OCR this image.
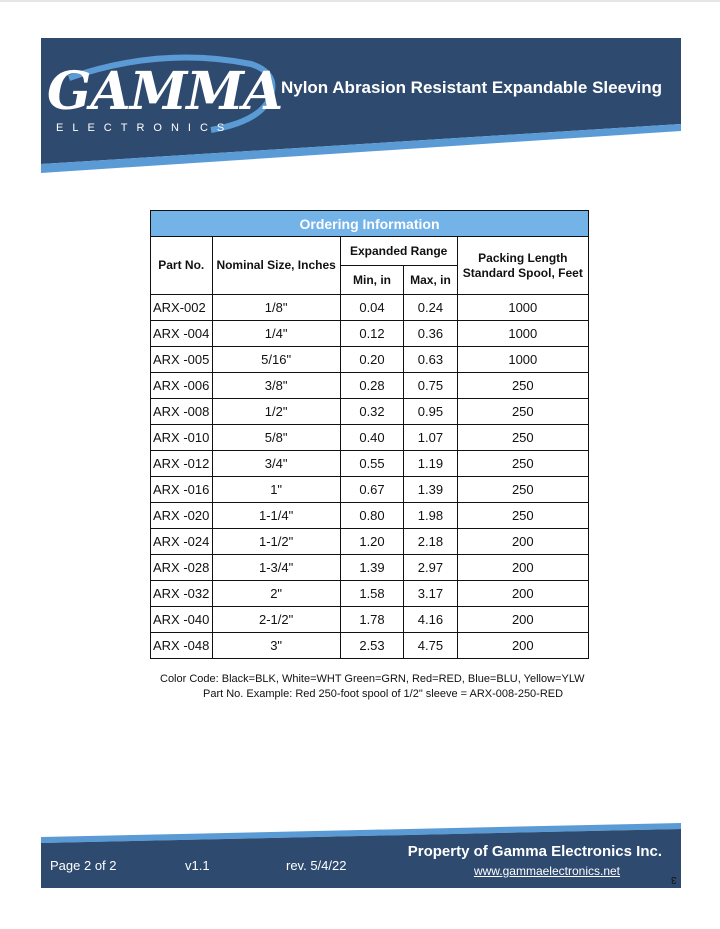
GAMMA
ELECTRONICS
Nylon Abrasion Resistant Expandable Sleeving
Ordering Information				
Part No.	Nominal Size, Inches	Expanded Range		Packing Length Standard Spool, Feet
		Min, in	Max, in	
ARX-002	1/8"	0.04	0.24	1000
ARX -004	1/4"	0.12	0.36	1000
ARX -005	5/16"	0.20	0.63	1000
ARX -006	3/8"	0.28	0.75	250
ARX -008	1/2"	0.32	0.95	250
ARX -010	5/8"	0.40	1.07	250
ARX -012	3/4"	0.55	1.19	250
ARX -016	1"	0.67	1.39	250
ARX -020	1-1/4"	0.80	1.98	250
ARX -024	1-1/2"	1.20	2.18	200
ARX -028	1-3/4"	1.39	2.97	200
ARX -032	2"	1.58	3.17	200
ARX -040	2-1/2"	1.78	4.16	200
ARX -048	3"	2.53	4.75	200
Color Code: Black=BLK, White=WHT Green=GRN, Red=RED, Blue=BLU, Yellow=YLW
Part No. Example: Red 250-foot spool of 1/2" sleeve = ARX-008-250-RED
Page 2 of 2	v1.1	rev. 5/4/22
Property of Gamma Electronics Inc.
www.gammaelectronics.net
3
